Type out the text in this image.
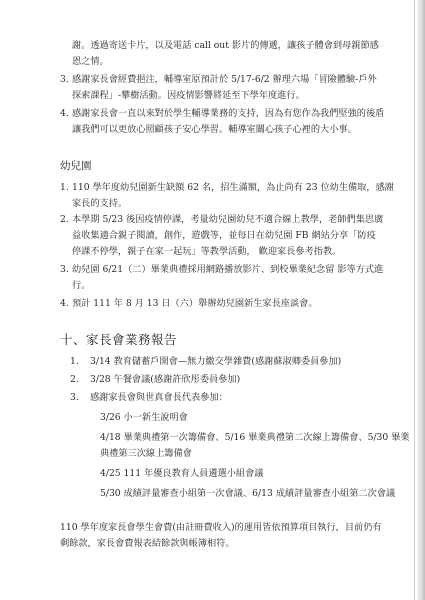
謝。透過寄送卡片，以及電話 call out 影片的傳遞，讓孩子體會到母親節感
恩之情。
3. 感謝家長會經費挹注，輔導室原預計於 5/17-6/2 辦理六場「冒險體驗-戶外
探索課程」-攀樹活動。因疫情影響將延至下學年度進行。
4. 感謝家長會一直以來對於學生輔導業務的支持，因為有您作為我們堅強的後盾
讓我們可以更放心照顧孩子安心學習。輔導室關心孩子心裡的大小事。
幼兒園
1. 110 學年度幼兒園新生缺額 62 名，招生滿額，為止尚有 23 位幼生備取，感謝
家長的支持。
2. 本學期 5/23 後因疫情停課，考量幼兒園幼兒不適合線上教學，老師們集思廣
益收集適合親子閱讀，創作，遊戲等，並每日在幼兒園 FB 網站分享「防疫
停課不停學，親子在家一起玩」等教學活動， 歡迎家長參考指教。
3. 幼兒園 6/21（二）畢業典禮採用網路播放影片、到校畢業紀念留 影等方式進
行。
4. 預計 111 年 8 月 13 日（六）舉辦幼兒園新生家長座談會。
十、家長會業務報告
1. 3/14 教育儲蓄戶開會—無力繳交學雜費(感謝蘇淑卿委員參加)
2. 3/28 午餐會議(感謝許欣彤委員參加)
3. 感謝家長會與世真會長代表參加：
3/26 小一新生說明會
4/18 畢業典禮第一次籌備會、5/16 畢業典禮第二次線上籌備會、5/30 畢業
典禮第三次線上籌備會
4/25 111 年優良教育人員遴選小組會議
5/30 成績評量審查小組第一次會議、6/13 成績評量審查小組第二次會議
110 學年度家長會學生會費(由註冊費收入)的運用皆依預算項目執行，目前仍有
剩餘款，家長會費報表結餘款與帳簿相符。
